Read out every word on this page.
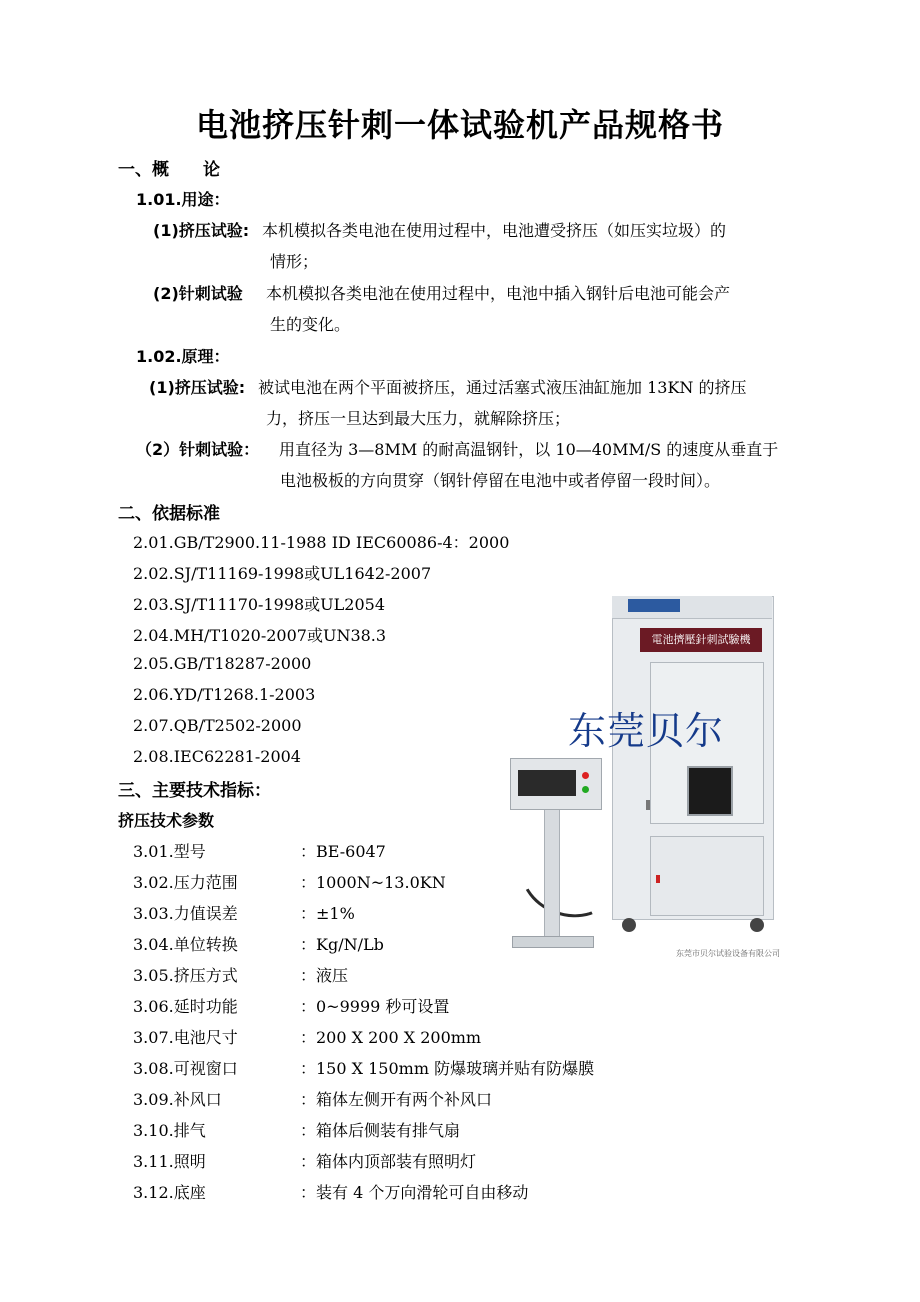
电池挤压针刺一体试验机产品规格书
一、概　　论
1.01.用途：
(1)挤压试验: 本机模拟各类电池在使用过程中，电池遭受挤压（如压实垃圾）的
情形；
(2)针刺试验 本机模拟各类电池在使用过程中，电池中插入钢针后电池可能会产
生的变化。
1.02.原理：
(1)挤压试验: 被试电池在两个平面被挤压，通过活塞式液压油缸施加 13KN 的挤压
力，挤压一旦达到最大压力，就解除挤压；
（2）针刺试验： 用直径为 3—8MM 的耐高温钢针，以 10—40MM/S 的速度从垂直于
电池极板的方向贯穿（钢针停留在电池中或者停留一段时间）。
二、依据标准
2.01.GB/T2900.11-1988 ID IEC60086-4：2000
2.02.SJ/T11169-1998或UL1642-2007
2.03.SJ/T11170-1998或UL2054
2.04.MH/T1020-2007或UN38.3
2.05.GB/T18287-2000
2.06.YD/T1268.1-2003
2.07.QB/T2502-2000
2.08.IEC62281-2004
三、主要技术指标：
挤压技术参数
3.01.型号	：BE-6047
3.02.压力范围	：1000N~13.0KN
3.03.力值误差	：±1%
3.04.单位转换	：Kg/N/Lb
3.05.挤压方式	：液压
3.06.延时功能	：0~9999 秒可设置
3.07.电池尺寸	：200 X 200 X 200mm
3.08.可视窗口	：150 X 150mm 防爆玻璃并贴有防爆膜
3.09.补风口	：箱体左侧开有两个补风口
3.10.排气	：箱体后侧装有排气扇
3.11.照明	：箱体内顶部装有照明灯
3.12.底座	：装有 4 个万向滑轮可自由移动
電池擠壓針刺試驗機
东莞贝尔
东莞市贝尔试验设备有限公司
